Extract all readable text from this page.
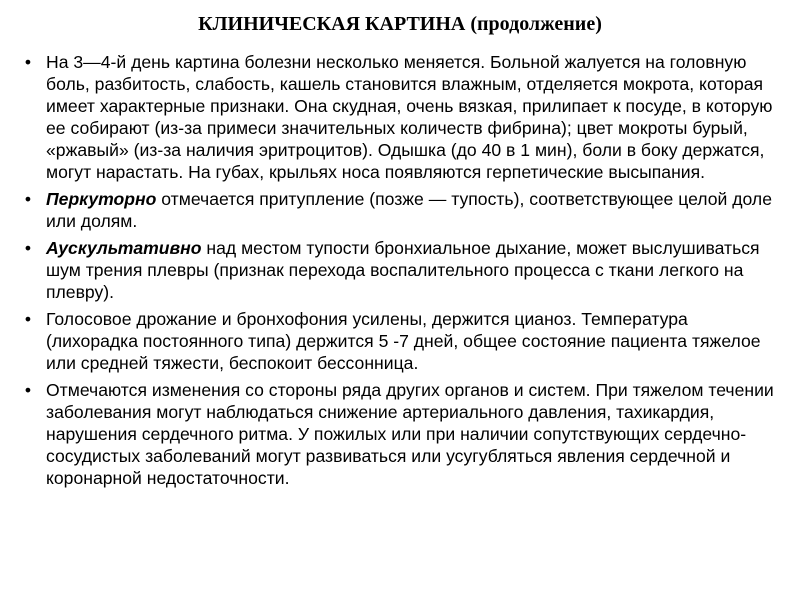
КЛИНИЧЕСКАЯ КАРТИНА (продолжение)
• На 3—4-й день картина болезни несколько меняется. Больной жалуется на головную боль, разбитость, слабость, кашель становится влажным, отделяется мокрота, которая имеет характерные признаки. Она скудная, очень вязкая, прилипает к посуде, в которую ее собирают (из-за примеси значительных количеств фибрина); цвет мокроты бурый, «ржавый» (из-за наличия эритроцитов). Одышка (до 40 в 1 мин), боли в боку держатся, могут нарастать. На губах, крыльях носа появляются герпетические высыпания.
• Перкуторно отмечается притупление (позже — тупость), соответствующее целой доле или долям.
• Аускультативно над местом тупости бронхиальное дыхание, может выслушиваться шум трения плевры (признак перехода воспалительного процесса с ткани легкого на плевру).
• Голосовое дрожание и бронхофония усилены, держится цианоз. Температура (лихорадка постоянного типа) держится 5 -7 дней, общее состояние пациента тяжелое или средней тяжести, беспокоит бессонница.
• Отмечаются изменения со стороны ряда других органов и систем. При тяжелом течении заболевания могут наблюдаться снижение артериального давления, тахикардия, нарушения сердечного ритма. У пожилых или при наличии сопутствующих сердечно-сосудистых заболеваний могут развиваться или усугубляться явления сердечной и коронарной недостаточности.
